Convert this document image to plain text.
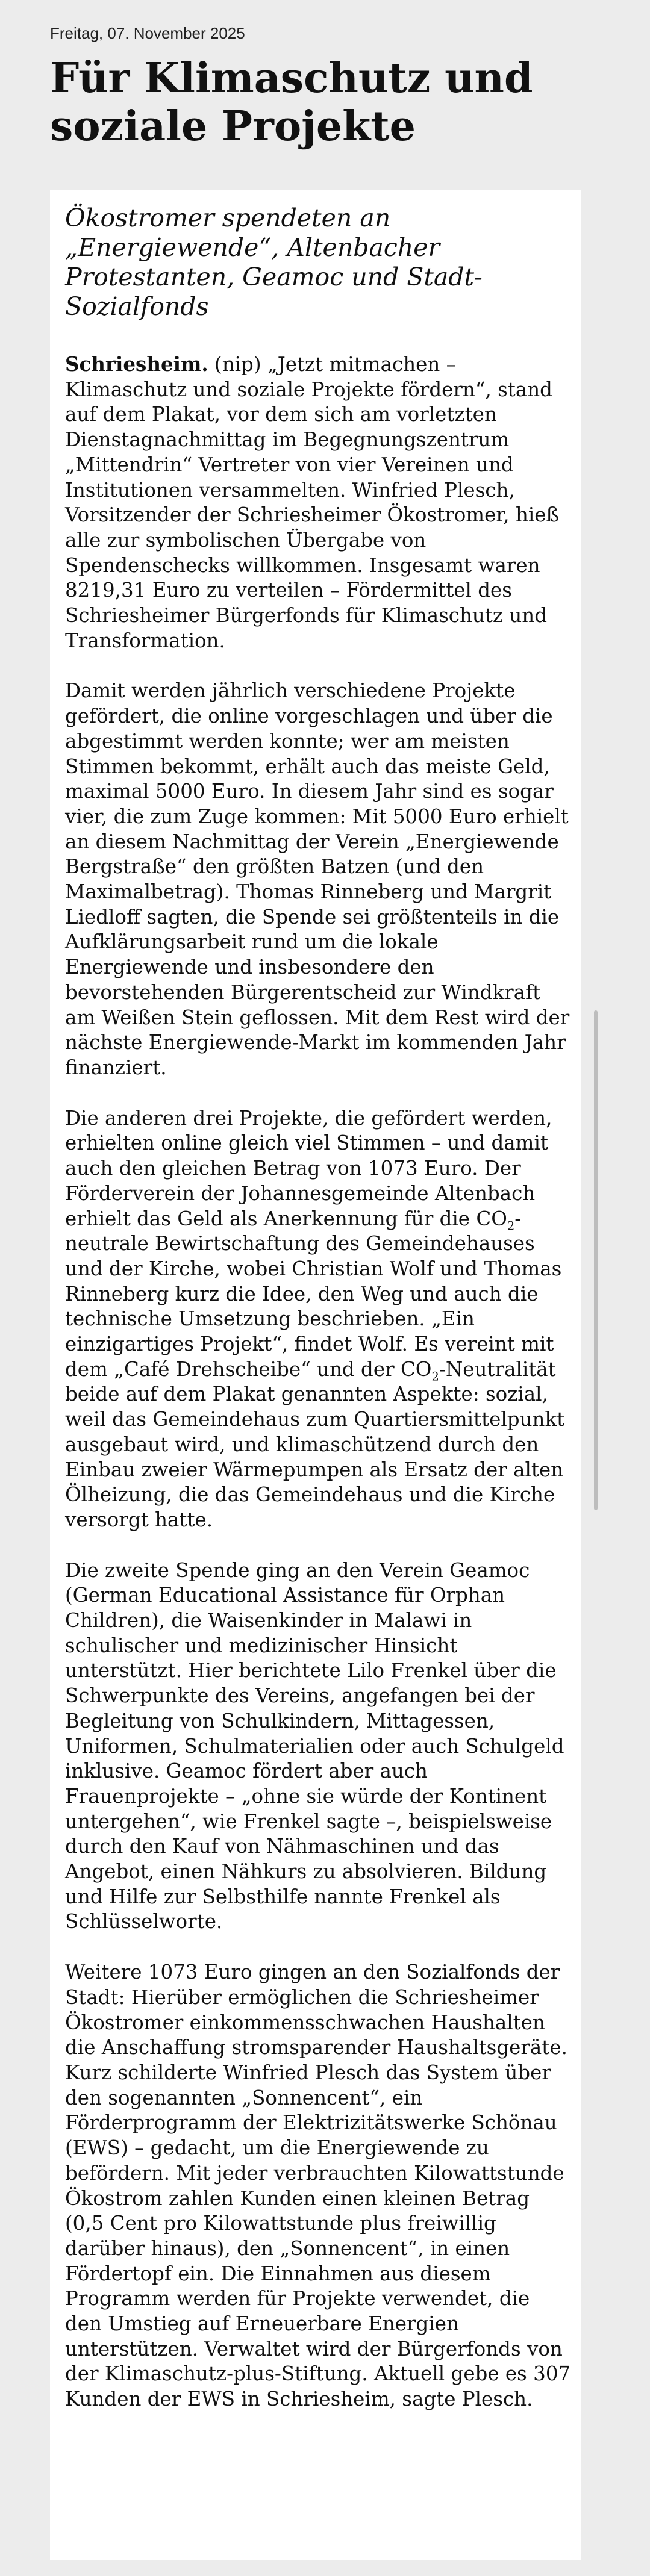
Freitag, 07. November 2025
Für Klimaschutz und soziale Projekte
Ökostromer spendeten an „Energiewende“, Altenbacher Protestanten, Geamoc und Stadt-Sozialfonds

Schriesheim. (nip) „Jetzt mitmachen – Klimaschutz und soziale Projekte fördern“, stand auf dem Plakat, vor dem sich am vorletzten Dienstagnachmittag im Begegnungszentrum „Mittendrin“ Vertreter von vier Vereinen und Institutionen versammelten. Winfried Plesch, Vorsitzender der Schriesheimer Ökostromer, hieß alle zur symbolischen Übergabe von Spendenschecks willkommen. Insgesamt waren 8219,31 Euro zu verteilen – Fördermittel des Schriesheimer Bürgerfonds für Klimaschutz und Transformation.

Damit werden jährlich verschiedene Projekte gefördert, die online vorgeschlagen und über die abgestimmt werden konnte; wer am meisten Stimmen bekommt, erhält auch das meiste Geld, maximal 5000 Euro. In diesem Jahr sind es sogar vier, die zum Zuge kommen: Mit 5000 Euro erhielt an diesem Nachmittag der Verein „Energiewende Bergstraße“ den größten Batzen (und den Maximalbetrag). Thomas Rinneberg und Margrit Liedloff sagten, die Spende sei größtenteils in die Aufklärungsarbeit rund um die lokale Energiewende und insbesondere den bevorstehenden Bürgerentscheid zur Windkraft am Weißen Stein geflossen. Mit dem Rest wird der nächste Energiewende-Markt im kommenden Jahr finanziert.

Die anderen drei Projekte, die gefördert werden, erhielten online gleich viel Stimmen – und damit auch den gleichen Betrag von 1073 Euro. Der Förderverein der Johannesgemeinde Altenbach erhielt das Geld als Anerkennung für die $CO_2$-neutrale Bewirtschaftung des Gemeindehauses und der Kirche, wobei Christian Wolf und Thomas Rinneberg kurz die Idee, den Weg und auch die technische Umsetzung beschrieben. „Ein einzigartiges Projekt“, findet Wolf. Es vereint mit dem „Café Drehscheibe“ und der $CO_2$-Neutralität beide auf dem Plakat genannten Aspekte: sozial, weil das Gemeindehaus zum Quartiersmittelpunkt ausgebaut wird, und klimaschützend durch den Einbau zweier Wärmepumpen als Ersatz der alten Ölheizung, die das Gemeindehaus und die Kirche versorgt hatte.

Die zweite Spende ging an den Verein Geamoc (German Educational Assistance für Orphan Children), die Waisenkinder in Malawi in schulischer und medizinischer Hinsicht unterstützt. Hier berichtete Lilo Frenkel über die Schwerpunkte des Vereins, angefangen bei der Begleitung von Schulkindern, Mittagessen, Uniformen, Schulmaterialien oder auch Schulgeld inklusive. Geamoc fördert aber auch Frauenprojekte – „ohne sie würde der Kontinent untergehen“, wie Frenkel sagte –, beispielsweise durch den Kauf von Nähmaschinen und das Angebot, einen Nähkurs zu absolvieren. Bildung und Hilfe zur Selbsthilfe nannte Frenkel als Schlüsselworte.

Weitere 1073 Euro gingen an den Sozialfonds der Stadt: Hierüber ermöglichen die Schriesheimer Ökostromer einkommensschwachen Haushalten die Anschaffung stromsparender Haushaltsgeräte. Kurz schilderte Winfried Plesch das System über den sogenannten „Sonnencent“, ein Förderprogramm der Elektrizitätswerke Schönau (EWS) – gedacht, um die Energiewende zu befördern. Mit jeder verbrauchten Kilowattstunde Ökostrom zahlen Kunden einen kleinen Betrag (0,5 Cent pro Kilowattstunde plus freiwillig darüber hinaus), den „Sonnencent“, in einen Fördertopf ein. Die Einnahmen aus diesem Programm werden für Projekte verwendet, die den Umstieg auf Erneuerbare Energien unterstützen. Verwaltet wird der Bürgerfonds von der Klimaschutz-plus-Stiftung. Aktuell gebe es 307 Kunden der EWS in Schriesheim, sagte Plesch.
